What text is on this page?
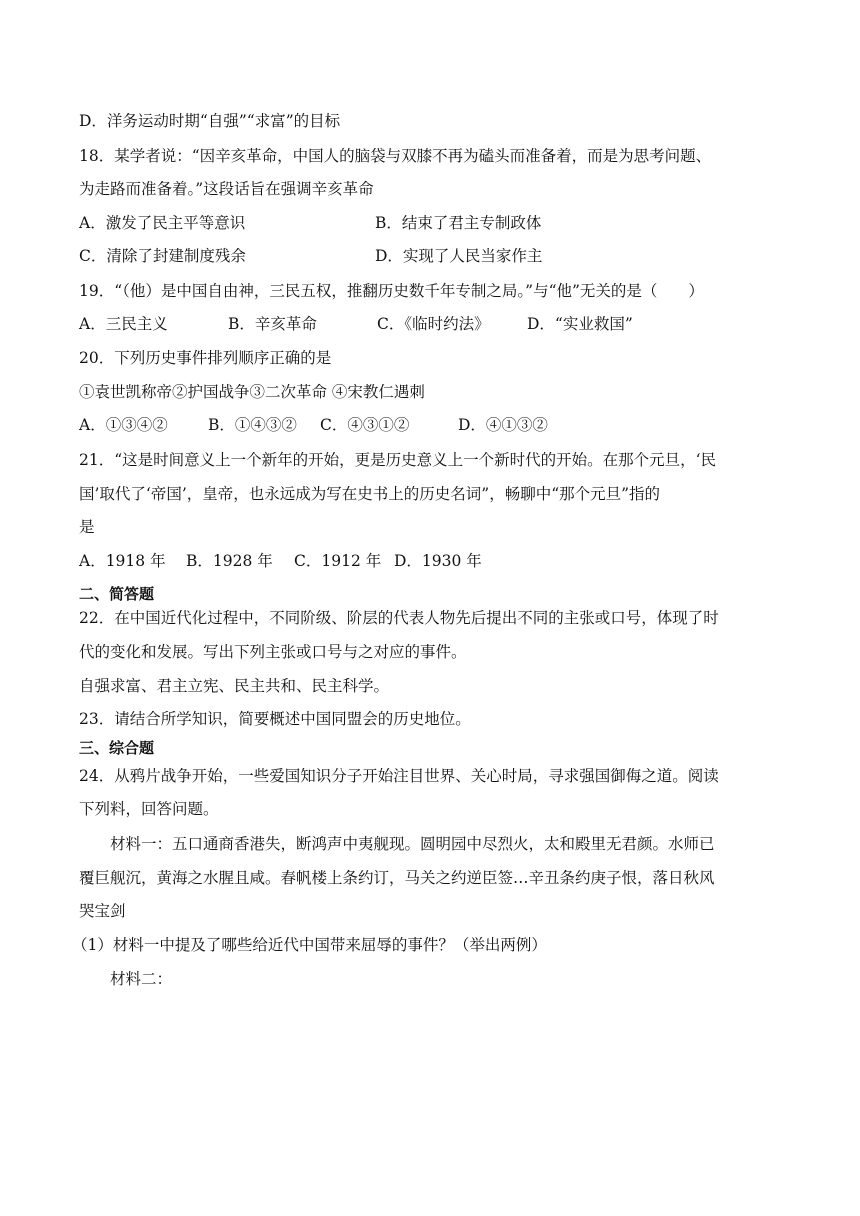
D．洋务运动时期“自强”“求富”的目标
18．某学者说：“因辛亥革命，中国人的脑袋与双膝不再为磕头而准备着，而是为思考问题、
为走路而准备着。”这段话旨在强调辛亥革命
A．激发了民主平等意识	B．结束了君主专制政体
C．清除了封建制度残余	D．实现了人民当家作主
19．“（他）是中国自由神，三民五权，推翻历史数千年专制之局。”与“他”无关的是（　　）
A．三民主义	B．辛亥革命	C．《临时约法》 D．“实业救国”
20．下列历史事件排列顺序正确的是
①袁世凯称帝②护国战争③二次革命 ④宋教仁遇刺
A．①③④②	B．①④③② C．④③①②	D．④①③②
21．“这是时间意义上一个新年的开始，更是历史意义上一个新时代的开始。在那个元旦，‘民
国’取代了‘帝国’，皇帝，也永远成为写在史书上的历史名词”，畅聊中“那个元旦”指的
是
A．1918 年 B．1928 年 C．1912 年 D．1930 年
二、简答题
22．在中国近代化过程中，不同阶级、阶层的代表人物先后提出不同的主张或口号，体现了时
代的变化和发展。写出下列主张或口号与之对应的事件。
自强求富、君主立宪、民主共和、民主科学。
23．请结合所学知识，简要概述中国同盟会的历史地位。
三、综合题
24．从鸦片战争开始，一些爱国知识分子开始注目世界、关心时局，寻求强国御侮之道。阅读
下列料，回答问题。
材料一：五口通商香港失，断鸿声中夷舰现。圆明园中尽烈火，太和殿里无君颜。水师已
覆巨舰沉，黄海之水腥且咸。春帆楼上条约订，马关之约逆臣签…辛丑条约庚子恨，落日秋风
哭宝剑
（1）材料一中提及了哪些给近代中国带来屈辱的事件？（举出两例）
材料二：
